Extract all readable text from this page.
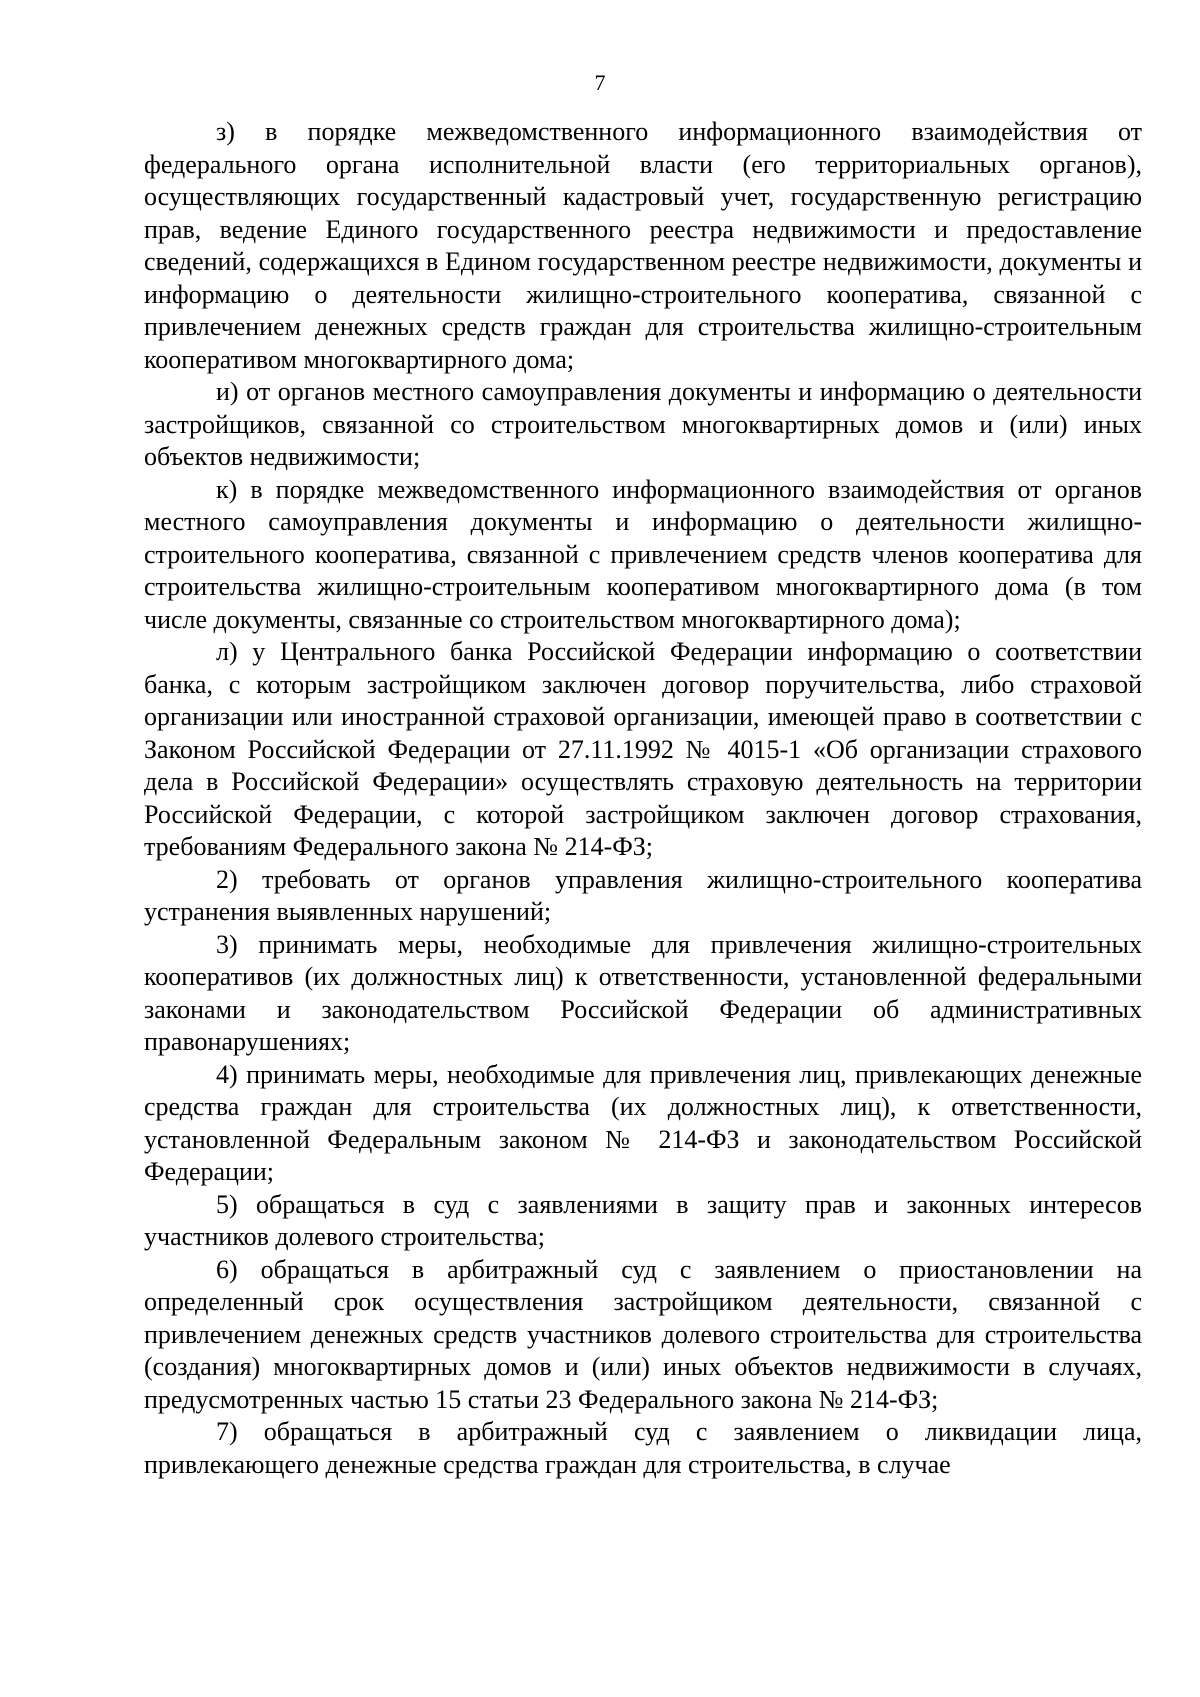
7

з) в порядке межведомственного информационного взаимодействия от федерального органа исполнительной власти (его территориальных органов), осуществляющих государственный кадастровый учет, государственную регистрацию прав, ведение Единого государственного реестра недвижимости и предоставление сведений, содержащихся в Едином государственном реестре недвижимости, документы и информацию о деятельности жилищно-строительного кооператива, связанной с привлечением денежных средств граждан для строительства жилищно-строительным кооперативом многоквартирного дома;

и) от органов местного самоуправления документы и информацию о деятельности застройщиков, связанной со строительством многоквартирных домов и (или) иных объектов недвижимости;

к) в порядке межведомственного информационного взаимодействия от органов местного самоуправления документы и информацию о деятельности жилищно-строительного кооператива, связанной с привлечением средств членов кооператива для строительства жилищно-строительным кооперативом многоквартирного дома (в том числе документы, связанные со строительством многоквартирного дома);

л) у Центрального банка Российской Федерации информацию о соответствии банка, с которым застройщиком заключен договор поручительства, либо страховой организации или иностранной страховой организации, имеющей право в соответствии с Законом Российской Федерации от 27.11.1992 № 4015-1 «Об организации страхового дела в Российской Федерации» осуществлять страховую деятельность на территории Российской Федерации, с которой застройщиком заключен договор страхования, требованиям Федерального закона № 214-ФЗ;

2) требовать от органов управления жилищно-строительного кооператива устранения выявленных нарушений;

3) принимать меры, необходимые для привлечения жилищно-строительных кооперативов (их должностных лиц) к ответственности, установленной федеральными законами и законодательством Российской Федерации об административных правонарушениях;

4) принимать меры, необходимые для привлечения лиц, привлекающих денежные средства граждан для строительства (их должностных лиц), к ответственности, установленной Федеральным законом № 214-ФЗ и законодательством Российской Федерации;

5) обращаться в суд с заявлениями в защиту прав и законных интересов участников долевого строительства;

6) обращаться в арбитражный суд с заявлением о приостановлении на определенный срок осуществления застройщиком деятельности, связанной с привлечением денежных средств участников долевого строительства для строительства (создания) многоквартирных домов и (или) иных объектов недвижимости в случаях, предусмотренных частью 15 статьи 23 Федерального закона № 214-ФЗ;

7) обращаться в арбитражный суд с заявлением о ликвидации лица, привлекающего денежные средства граждан для строительства, в случае
